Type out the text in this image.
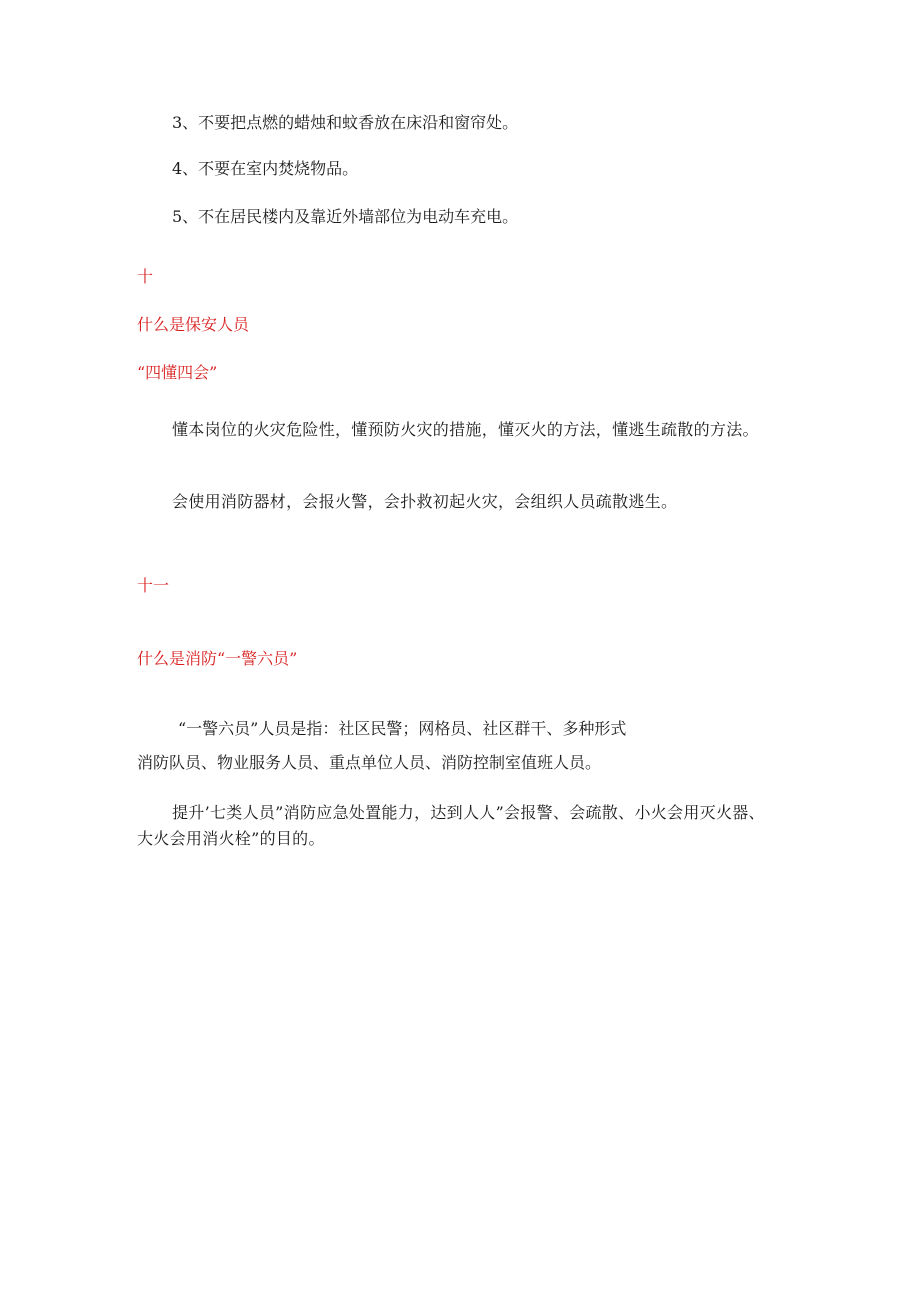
3、不要把点燃的蜡烛和蚊香放在床沿和窗帘处。
4、不要在室内焚烧物品。
5、不在居民楼内及靠近外墙部位为电动车充电。
十
什么是保安人员
“四懂四会”
懂本岗位的火灾危险性，懂预防火灾的措施，懂灭火的方法，懂逃生疏散的方法。
会使用消防器材，会报火警，会扑救初起火灾，会组织人员疏散逃生。
十一
什么是消防“一警六员”
“一警六员”人员是指：社区民警；网格员、社区群干、多种形式
消防队员、物业服务人员、重点单位人员、消防控制室值班人员。
提升’七类人员”消防应急处置能力，达到人人”会报警、会疏散、小火会用灭火器、大火会用消火栓”的目的。
